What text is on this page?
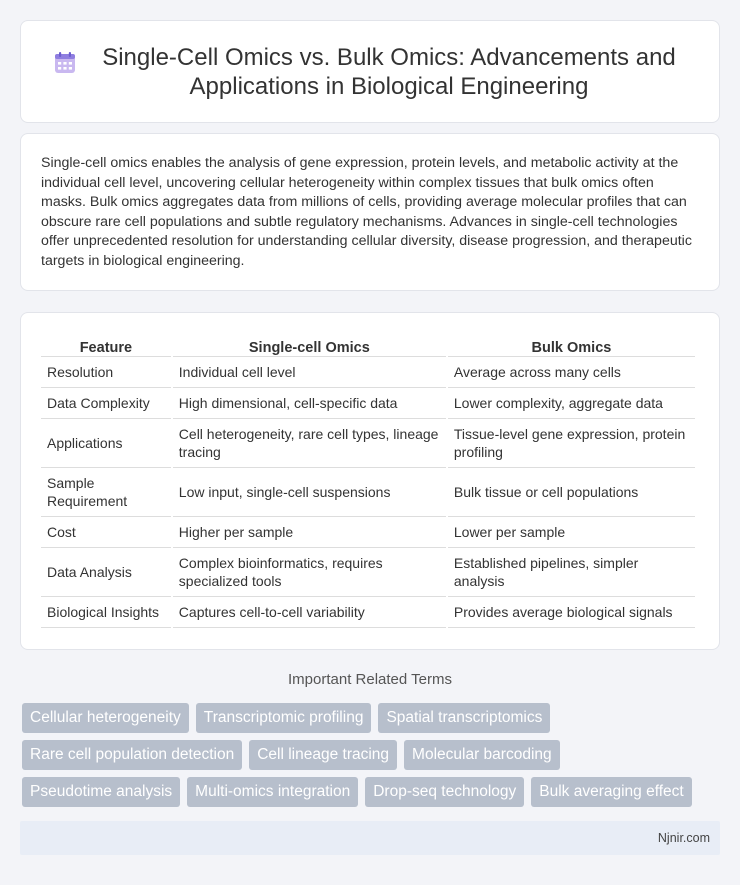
Single-Cell Omics vs. Bulk Omics: Advancements and Applications in Biological Engineering

Single-cell omics enables the analysis of gene expression, protein levels, and metabolic activity at the individual cell level, uncovering cellular heterogeneity within complex tissues that bulk omics often masks. Bulk omics aggregates data from millions of cells, providing average molecular profiles that can obscure rare cell populations and subtle regulatory mechanisms. Advances in single-cell technologies offer unprecedented resolution for understanding cellular diversity, disease progression, and therapeutic targets in biological engineering.

Feature	Single-cell Omics	Bulk Omics
Resolution	Individual cell level	Average across many cells
Data Complexity	High dimensional, cell-specific data	Lower complexity, aggregate data
Applications	Cell heterogeneity, rare cell types, lineage tracing	Tissue-level gene expression, protein profiling
Sample Requirement	Low input, single-cell suspensions	Bulk tissue or cell populations
Cost	Higher per sample	Lower per sample
Data Analysis	Complex bioinformatics, requires specialized tools	Established pipelines, simpler analysis
Biological Insights	Captures cell-to-cell variability	Provides average biological signals
Important Related Terms
Cellular heterogeneity	Transcriptomic profiling	Spatial transcriptomics
Rare cell population detection	Cell lineage tracing	Molecular barcoding
Pseudotime analysis	Multi-omics integration	Drop-seq technology	Bulk averaging effect
Njnir.com
